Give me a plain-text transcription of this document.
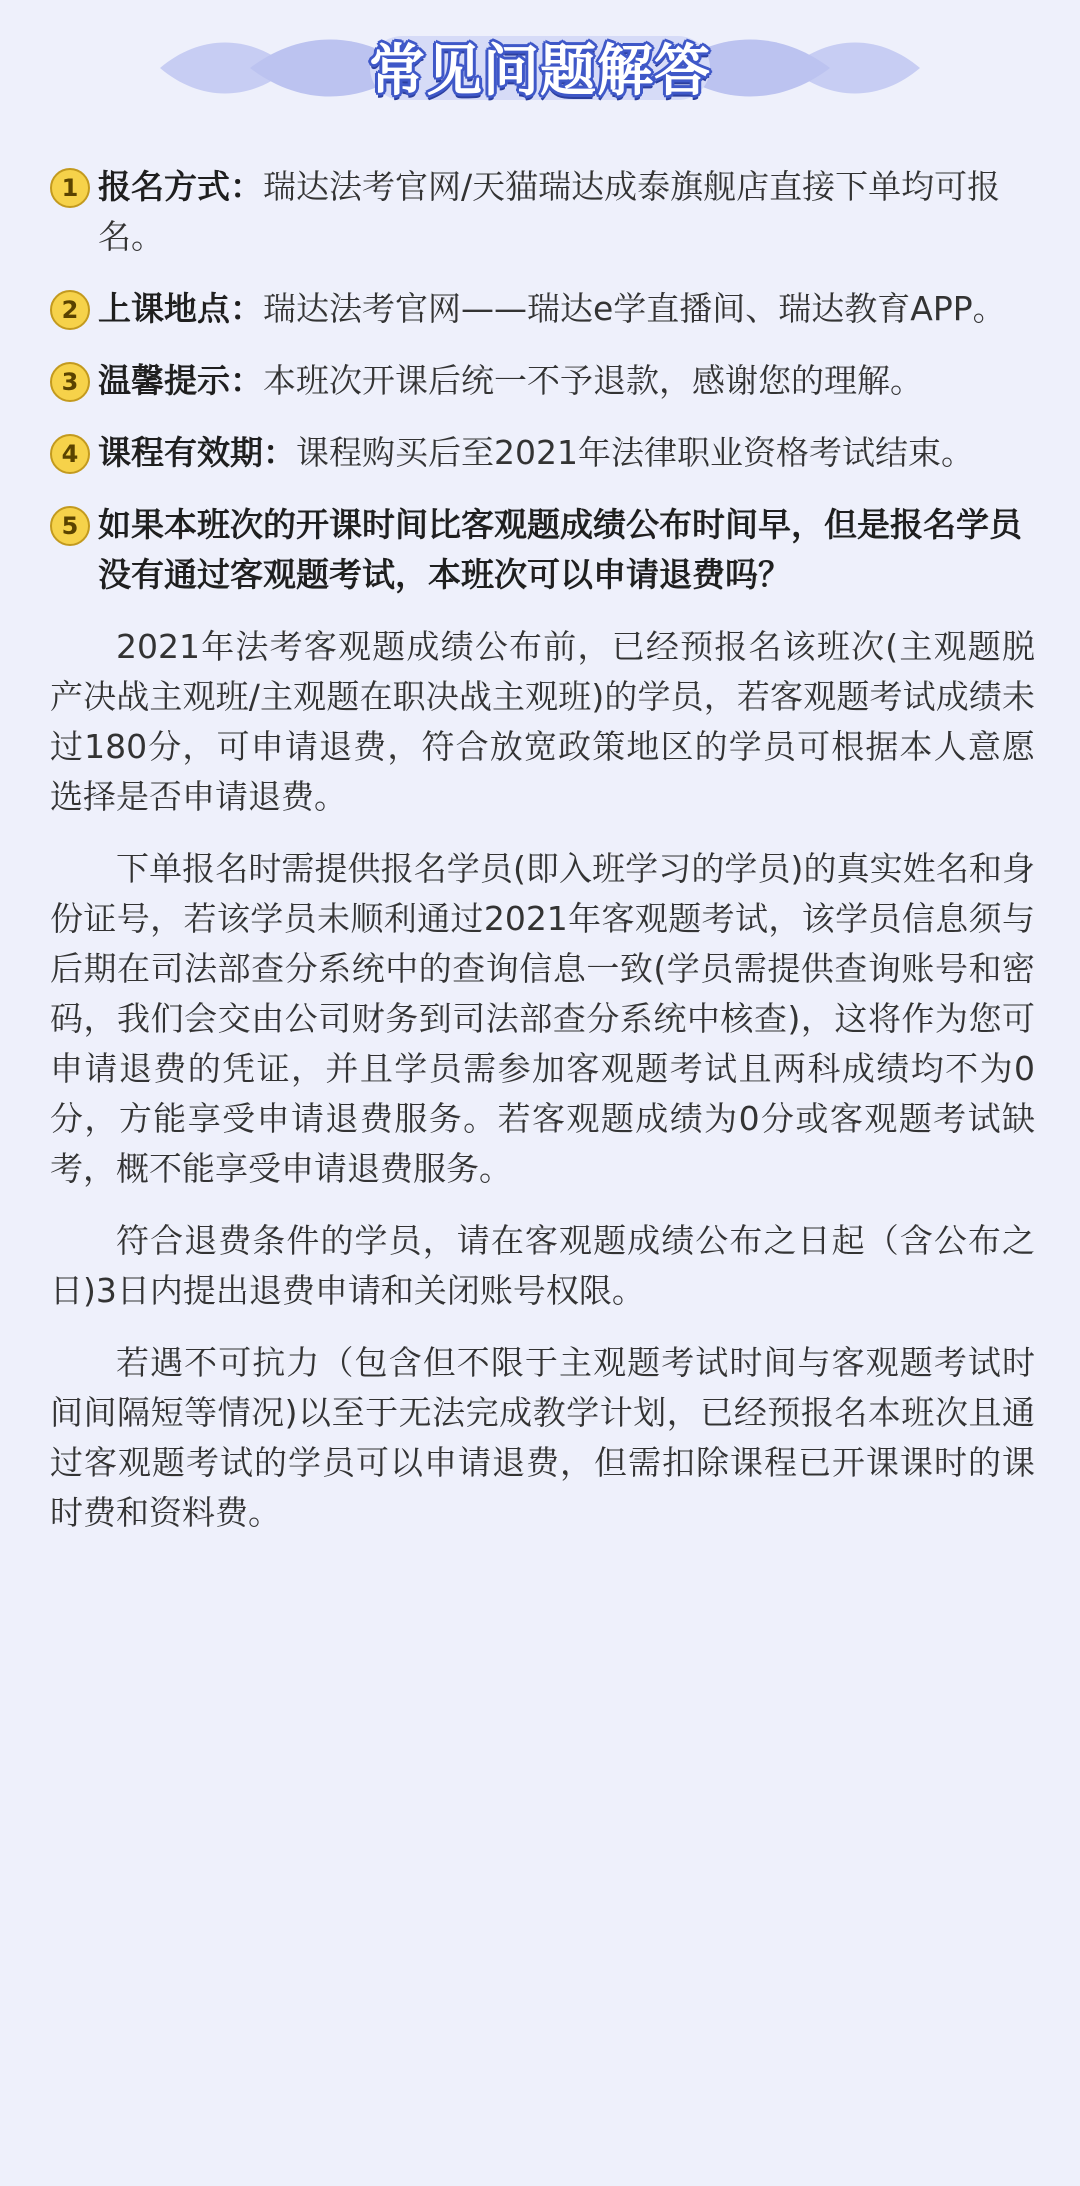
常见问题解答
1 报名方式：瑞达法考官网/天猫瑞达成泰旗舰店直接下单均可报名。
2 上课地点：瑞达法考官网——瑞达e学直播间、瑞达教育APP。
3 温馨提示：本班次开课后统一不予退款，感谢您的理解。
4 课程有效期：课程购买后至2021年法律职业资格考试结束。
5 如果本班次的开课时间比客观题成绩公布时间早，但是报名学员没有通过客观题考试，本班次可以申请退费吗？

2021年法考客观题成绩公布前，已经预报名该班次(主观题脱产决战主观班/主观题在职决战主观班)的学员，若客观题考试成绩未过180分，可申请退费，符合放宽政策地区的学员可根据本人意愿选择是否申请退费。

下单报名时需提供报名学员(即入班学习的学员)的真实姓名和身份证号，若该学员未顺利通过2021年客观题考试，该学员信息须与后期在司法部查分系统中的查询信息一致(学员需提供查询账号和密码，我们会交由公司财务到司法部查分系统中核查)，这将作为您可申请退费的凭证，并且学员需参加客观题考试且两科成绩均不为0分，方能享受申请退费服务。若客观题成绩为0分或客观题考试缺考，概不能享受申请退费服务。

符合退费条件的学员，请在客观题成绩公布之日起（含公布之日)3日内提出退费申请和关闭账号权限。

若遇不可抗力（包含但不限于主观题考试时间与客观题考试时间间隔短等情况)以至于无法完成教学计划，已经预报名本班次且通过客观题考试的学员可以申请退费，但需扣除课程已开课课时的课时费和资料费。
